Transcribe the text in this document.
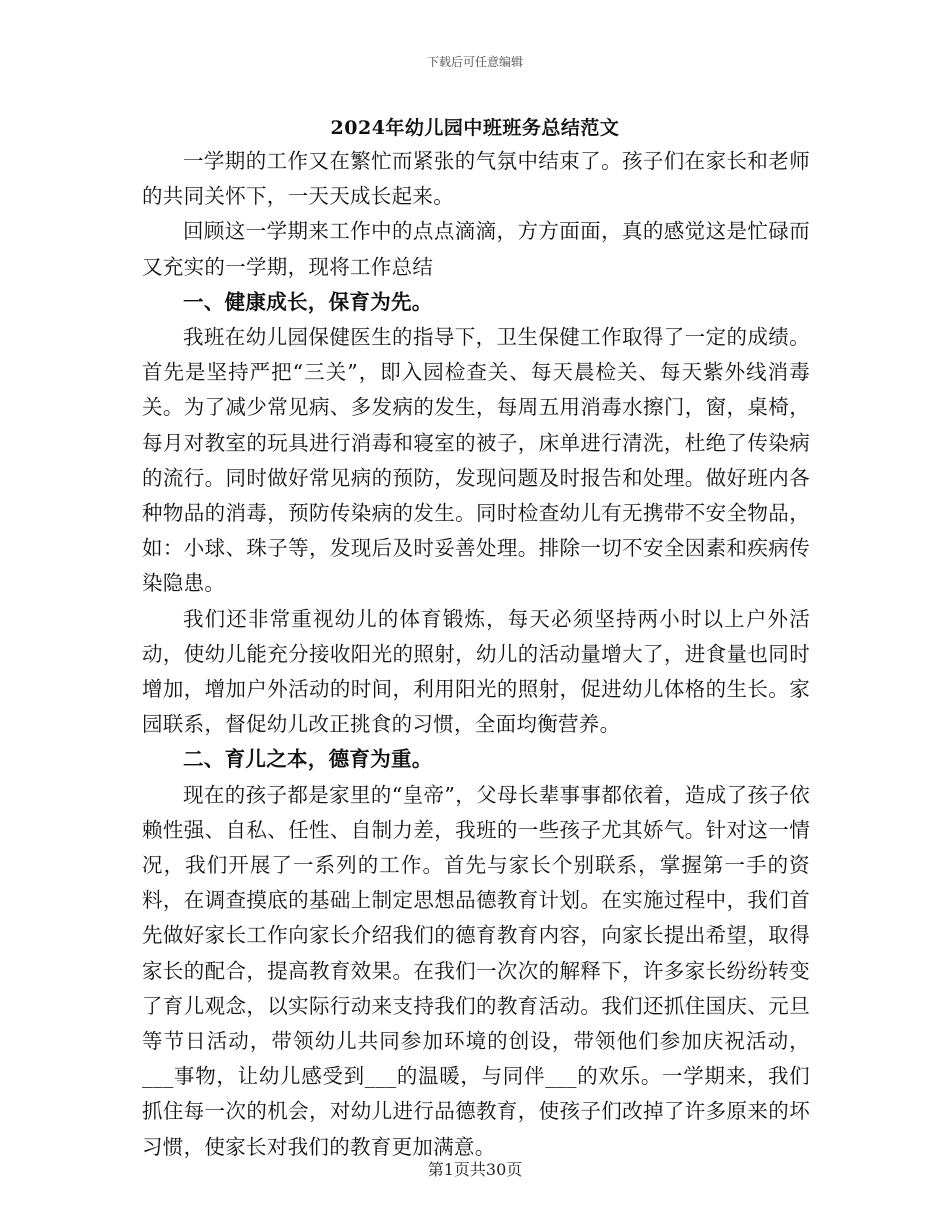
下载后可任意编辑
2024年幼儿园中班班务总结范文

一学期的工作又在繁忙而紧张的气氛中结束了。孩子们在家长和老师的共同关怀下，一天天成长起来。

回顾这一学期来工作中的点点滴滴，方方面面，真的感觉这是忙碌而又充实的一学期，现将工作总结

一、健康成长，保育为先。

我班在幼儿园保健医生的指导下，卫生保健工作取得了一定的成绩。首先是坚持严把“三关”，即入园检查关、每天晨检关、每天紫外线消毒关。为了减少常见病、多发病的发生，每周五用消毒水擦门，窗，桌椅，每月对教室的玩具进行消毒和寝室的被子，床单进行清洗，杜绝了传染病的流行。同时做好常见病的预防，发现问题及时报告和处理。做好班内各种物品的消毒，预防传染病的发生。同时检查幼儿有无携带不安全物品，如：小球、珠子等，发现后及时妥善处理。排除一切不安全因素和疾病传染隐患。

我们还非常重视幼儿的体育锻炼，每天必须坚持两小时以上户外活动，使幼儿能充分接收阳光的照射，幼儿的活动量增大了，进食量也同时增加，增加户外活动的时间，利用阳光的照射，促进幼儿体格的生长。家园联系，督促幼儿改正挑食的习惯，全面均衡营养。

二、育儿之本，德育为重。

现在的孩子都是家里的“皇帝”，父母长辈事事都依着，造成了孩子依赖性强、自私、任性、自制力差，我班的一些孩子尤其娇气。针对这一情况，我们开展了一系列的工作。首先与家长个别联系，掌握第一手的资料，在调查摸底的基础上制定思想品德教育计划。在实施过程中，我们首先做好家长工作向家长介绍我们的德育教育内容，向家长提出希望，取得家长的配合，提高教育效果。在我们一次次的解释下，许多家长纷纷转变了育儿观念，以实际行动来支持我们的教育活动。我们还抓住国庆、元旦等节日活动，带领幼儿共同参加环境的创设，带领他们参加庆祝活动，___事物，让幼儿感受到___的温暖，与同伴___的欢乐。一学期来，我们抓住每一次的机会，对幼儿进行品德教育，使孩子们改掉了许多原来的坏习惯，使家长对我们的教育更加满意。

第1页共30页
